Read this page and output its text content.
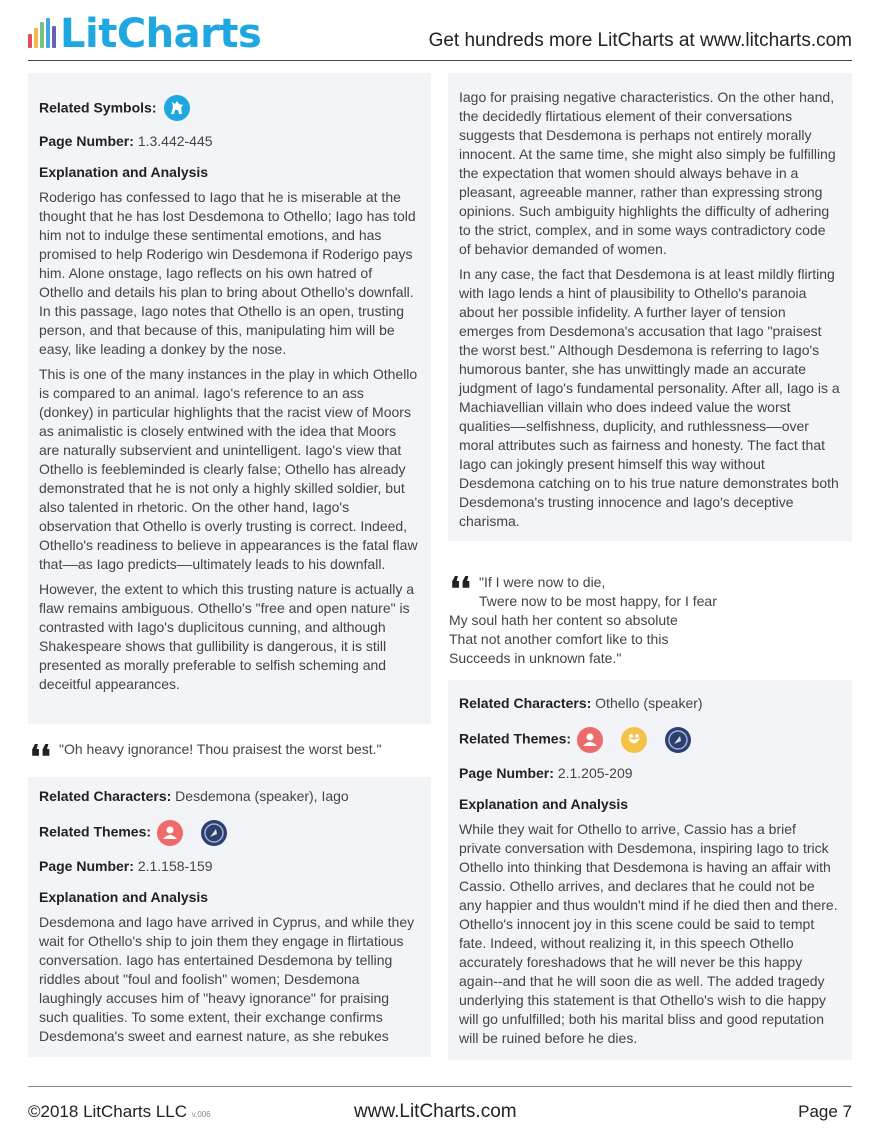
LitCharts	Get hundreds more LitCharts at www.litcharts.com
Related Symbols:
Page Number: 1.3.442-445
Explanation and Analysis

Roderigo has confessed to Iago that he is miserable at the thought that he has lost Desdemona to Othello; Iago has told him not to indulge these sentimental emotions, and has promised to help Roderigo win Desdemona if Roderigo pays him. Alone onstage, Iago reflects on his own hatred of Othello and details his plan to bring about Othello's downfall. In this passage, Iago notes that Othello is an open, trusting person, and that because of this, manipulating him will be easy, like leading a donkey by the nose.

This is one of the many instances in the play in which Othello is compared to an animal. Iago's reference to an ass (donkey) in particular highlights that the racist view of Moors as animalistic is closely entwined with the idea that Moors are naturally subservient and unintelligent. Iago's view that Othello is feebleminded is clearly false; Othello has already demonstrated that he is not only a highly skilled soldier, but also talented in rhetoric. On the other hand, Iago's observation that Othello is overly trusting is correct. Indeed, Othello's readiness to believe in appearances is the fatal flaw that––as Iago predicts––ultimately leads to his downfall.

However, the extent to which this trusting nature is actually a flaw remains ambiguous. Othello's "free and open nature" is contrasted with Iago's duplicitous cunning, and although Shakespeare shows that gullibility is dangerous, it is still presented as morally preferable to selfish scheming and deceitful appearances.

❛❛ "Oh heavy ignorance! Thou praisest the worst best."
Related Characters: Desdemona (speaker), Iago
Related Themes:

Page Number: 2.1.158-159
Explanation and Analysis

Desdemona and Iago have arrived in Cyprus, and while they wait for Othello's ship to join them they engage in flirtatious conversation. Iago has entertained Desdemona by telling riddles about "foul and foolish" women; Desdemona laughingly accuses him of "heavy ignorance" for praising such qualities. To some extent, their exchange confirms Desdemona's sweet and earnest nature, as she rebukes

Iago for praising negative characteristics. On the other hand, the decidedly flirtatious element of their conversations suggests that Desdemona is perhaps not entirely morally innocent. At the same time, she might also simply be fulfilling the expectation that women should always behave in a pleasant, agreeable manner, rather than expressing strong opinions. Such ambiguity highlights the difficulty of adhering to the strict, complex, and in some ways contradictory code of behavior demanded of women.

In any case, the fact that Desdemona is at least mildly flirting with Iago lends a hint of plausibility to Othello's paranoia about her possible infidelity. A further layer of tension emerges from Desdemona's accusation that Iago "praisest the worst best." Although Desdemona is referring to Iago's humorous banter, she has unwittingly made an accurate judgment of Iago's fundamental personality. After all, Iago is a Machiavellian villain who does indeed value the worst qualities––selfishness, duplicity, and ruthlessness––over moral attributes such as fairness and honesty. The fact that Iago can jokingly present himself this way without Desdemona catching on to his true nature demonstrates both Desdemona's trusting innocence and Iago's deceptive charisma.

❛❛ "If I were now to die,
Twere now to be most happy, for I fear
My soul hath her content so absolute
That not another comfort like to this
Succeeds in unknown fate."
Related Characters: Othello (speaker)
Related Themes:

Page Number: 2.1.205-209
Explanation and Analysis

While they wait for Othello to arrive, Cassio has a brief private conversation with Desdemona, inspiring Iago to trick Othello into thinking that Desdemona is having an affair with Cassio. Othello arrives, and declares that he could not be any happier and thus wouldn't mind if he died then and there. Othello's innocent joy in this scene could be said to tempt fate. Indeed, without realizing it, in this speech Othello accurately foreshadows that he will never be this happy again--and that he will soon die as well. The added tragedy underlying this statement is that Othello's wish to die happy will go unfulfilled; both his marital bliss and good reputation will be ruined before he dies.

©2018 LitCharts LLC v.006	www.LitCharts.com	Page 7
